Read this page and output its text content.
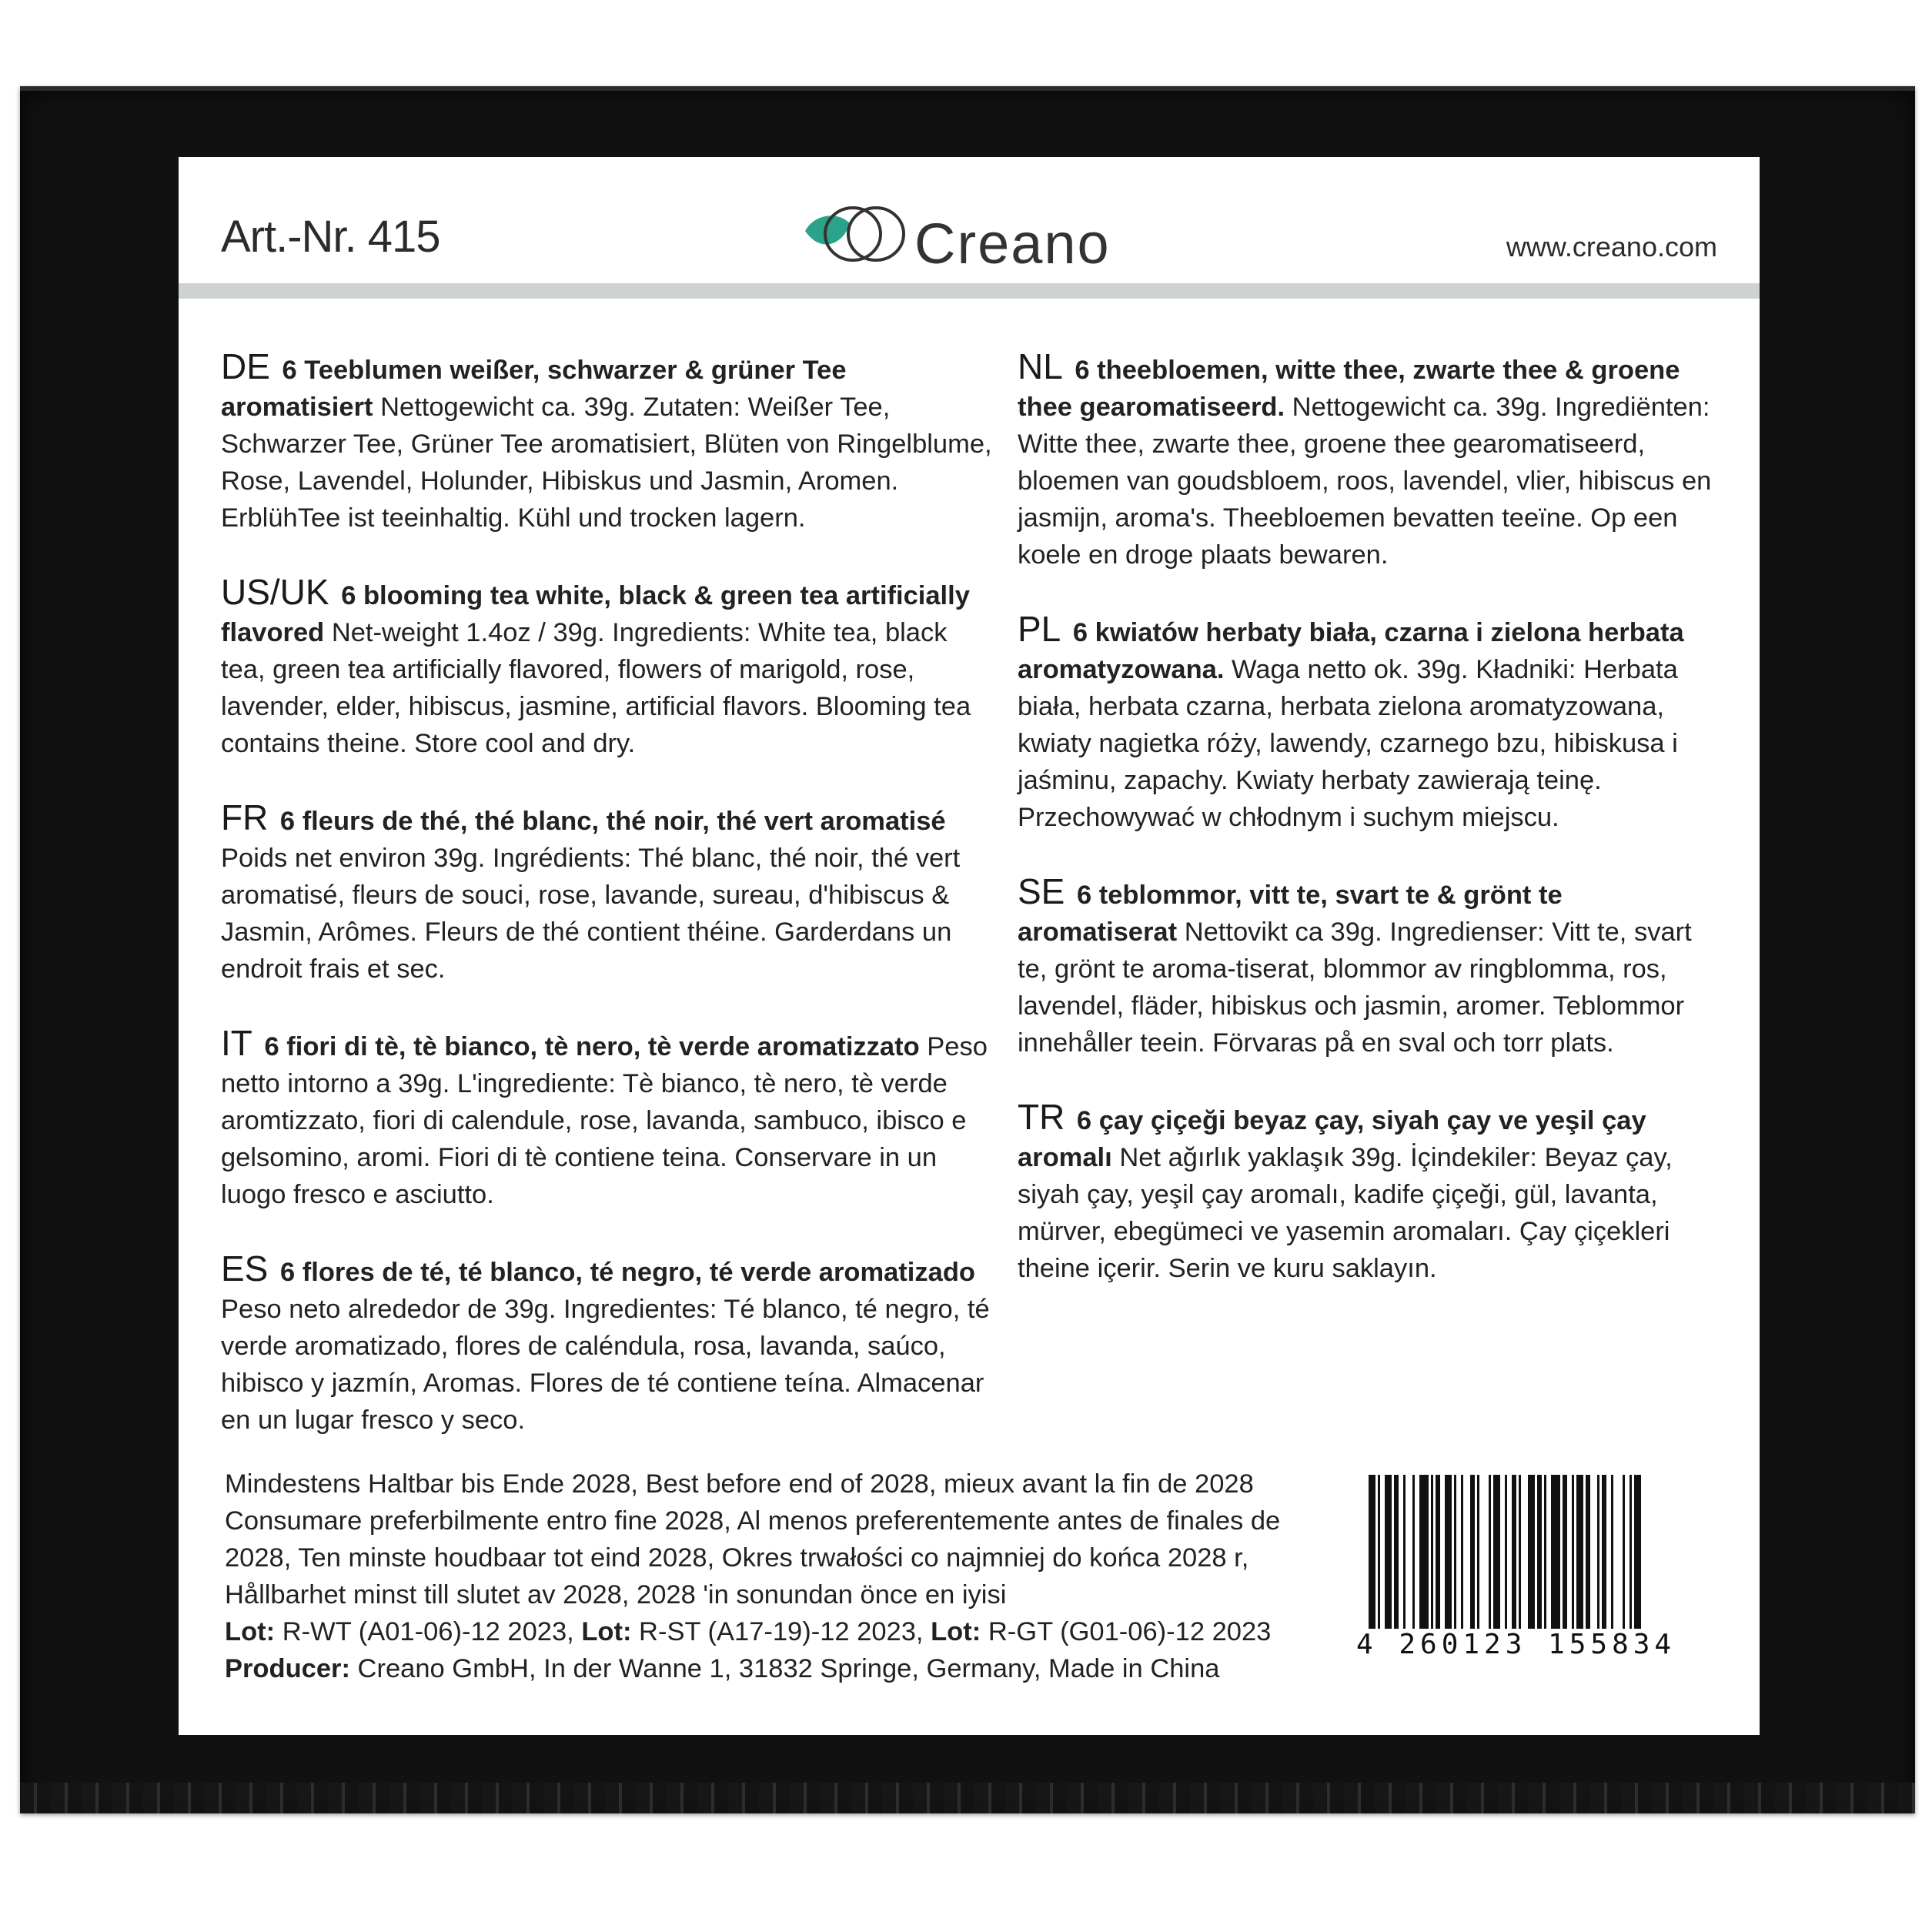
Art.-Nr. 415	Creano	www.creano.com
DE 6 Teeblumen weißer, schwarzer & grüner Tee aromatisiert Nettogewicht ca. 39g. Zutaten: Weißer Tee, Schwarzer Tee, Grüner Tee aromatisiert, Blüten von Ringelblume, Rose, Lavendel, Holunder, Hibiskus und Jasmin, Aromen. ErblühTee ist teeinhaltig. Kühl und trocken lagern.
US/UK 6 blooming tea white, black & green tea artificially flavored Net-weight 1.4oz / 39g. Ingredients: White tea, black tea, green tea artificially flavored, flowers of marigold, rose, lavender, elder, hibiscus, jasmine, artificial flavors. Blooming tea contains theine. Store cool and dry.
FR 6 fleurs de thé, thé blanc, thé noir, thé vert aromatisé Poids net environ 39g. Ingrédients: Thé blanc, thé noir, thé vert aromatisé, fleurs de souci, rose, lavande, sureau, d'hibiscus & Jasmin, Arômes. Fleurs de thé contient théine. Garderdans un endroit frais et sec.
IT 6 fiori di tè, tè bianco, tè nero, tè verde aromatizzato Peso netto intorno a 39g. L'ingrediente: Tè bianco, tè nero, tè verde aromtizzato, fiori di calendule, rose, lavanda, sambuco, ibisco e gelsomino, aromi. Fiori di tè contiene teina. Conservare in un luogo fresco e asciutto.
ES 6 flores de té, té blanco, té negro, té verde aromatizado Peso neto alrededor de 39g. Ingredientes: Té blanco, té negro, té verde aromatizado, flores de caléndula, rosa, lavanda, saúco, hibisco y jazmín, Aromas. Flores de té contiene teína. Almacenar en un lugar fresco y seco.
NL 6 theebloemen, witte thee, zwarte thee & groene thee gearomatiseerd. Nettogewicht ca. 39g. Ingrediënten: Witte thee, zwarte thee, groene thee gearomatiseerd, bloemen van goudsbloem, roos, lavendel, vlier, hibiscus en jasmijn, aroma's. Theebloemen bevatten teeïne. Op een koele en droge plaats bewaren.
PL 6 kwiatów herbaty biała, czarna i zielona herbata aromatyzowana. Waga netto ok. 39g. Kładniki: Herbata biała, herbata czarna, herbata zielona aromatyzowana, kwiaty nagietka róży, lawendy, czarnego bzu, hibiskusa i jaśminu, zapachy. Kwiaty herbaty zawierają teinę. Przechowywać w chłodnym i suchym miejscu.
SE 6 teblommor, vitt te, svart te & grönt te aromatiserat Nettovikt ca 39g. Ingredienser: Vitt te, svart te, grönt te aroma-tiserat, blommor av ringblomma, ros, lavendel, fläder, hibiskus och jasmin, aromer. Teblommor innehåller teein. Förvaras på en sval och torr plats.
TR 6 çay çiçeği beyaz çay, siyah çay ve yeşil çay aromalı Net ağırlık yaklaşık 39g. İçindekiler: Beyaz çay, siyah çay, yeşil çay aromalı, kadife çiçeği, gül, lavanta, mürver, ebegümeci ve yasemin aromaları. Çay çiçekleri theine içerir. Serin ve kuru saklayın.

Mindestens Haltbar bis Ende 2028, Best before end of 2028, mieux avant la fin de 2028 Consumare preferbilmente entro fine 2028, Al menos preferentemente antes de finales de 2028, Ten minste houdbaar tot eind 2028, Okres trwałości co najmniej do końca 2028 r, Hållbarhet minst till slutet av 2028, 2028 'in sonundan önce en iyisi

Lot: R-WT (A01-06)-12 2023, Lot: R-ST (A17-19)-12 2023, Lot: R-GT (G01-06)-12 2023

Producer: Creano GmbH, In der Wanne 1, 31832 Springe, Germany, Made in China

4 260123 155834
